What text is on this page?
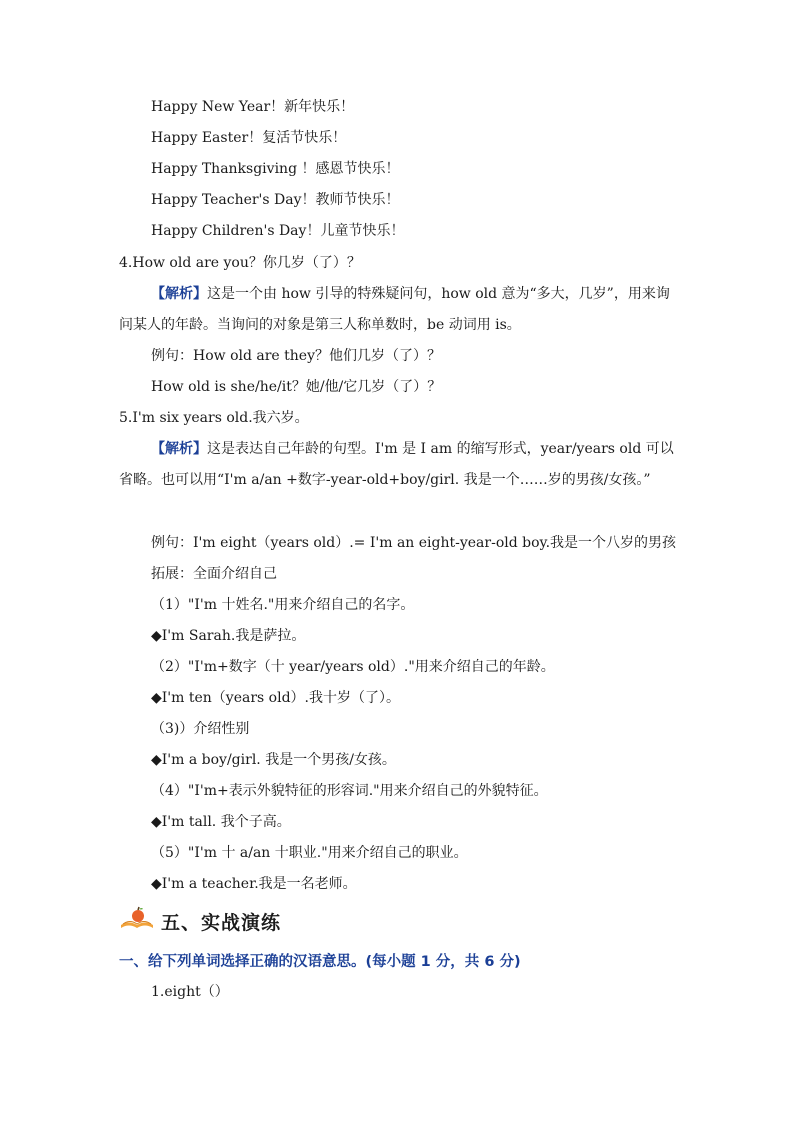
Happy New Year！新年快乐！
Happy Easter！复活节快乐！
Happy Thanksgiving ！感恩节快乐！
Happy Teacher's Day！教师节快乐！
Happy Children's Day！儿童节快乐！
4.How old are you？你几岁（了）？
【解析】这是一个由 how 引导的特殊疑问句，how old 意为“多大，几岁”，用来询问某人的年龄。当询问的对象是第三人称单数时，be 动词用 is。
例句：How old are they？他们几岁（了）？
How old is she/he/it？她/他/它几岁（了）？
5.I'm six years old.我六岁。
【解析】这是表达自己年龄的句型。I'm 是 I am 的缩写形式，year/years old 可以省略。也可以用“I'm a/an +数字-year-old+boy/girl. 我是一个……岁的男孩/女孩。”
例句：I'm eight（years old）.= I'm an eight-year-old boy.我是一个八岁的男孩
拓展：全面介绍自己
（1）"I'm 十姓名."用来介绍自己的名字。
◆I'm Sarah.我是萨拉。
（2）"I'm+数字（十 year/years old）."用来介绍自己的年龄。
◆I'm ten（years old）.我十岁（了）。
（3)）介绍性别
◆I'm a boy/girl. 我是一个男孩/女孩。
（4）"I'm+表示外貌特征的形容词."用来介绍自己的外貌特征。
◆I'm tall. 我个子高。
（5）"I'm 十 a/an 十职业."用来介绍自己的职业。
◆I'm a teacher.我是一名老师。
五、实战演练
一、给下列单词选择正确的汉语意思。(每小题 1 分，共 6 分)
1.eight（）
